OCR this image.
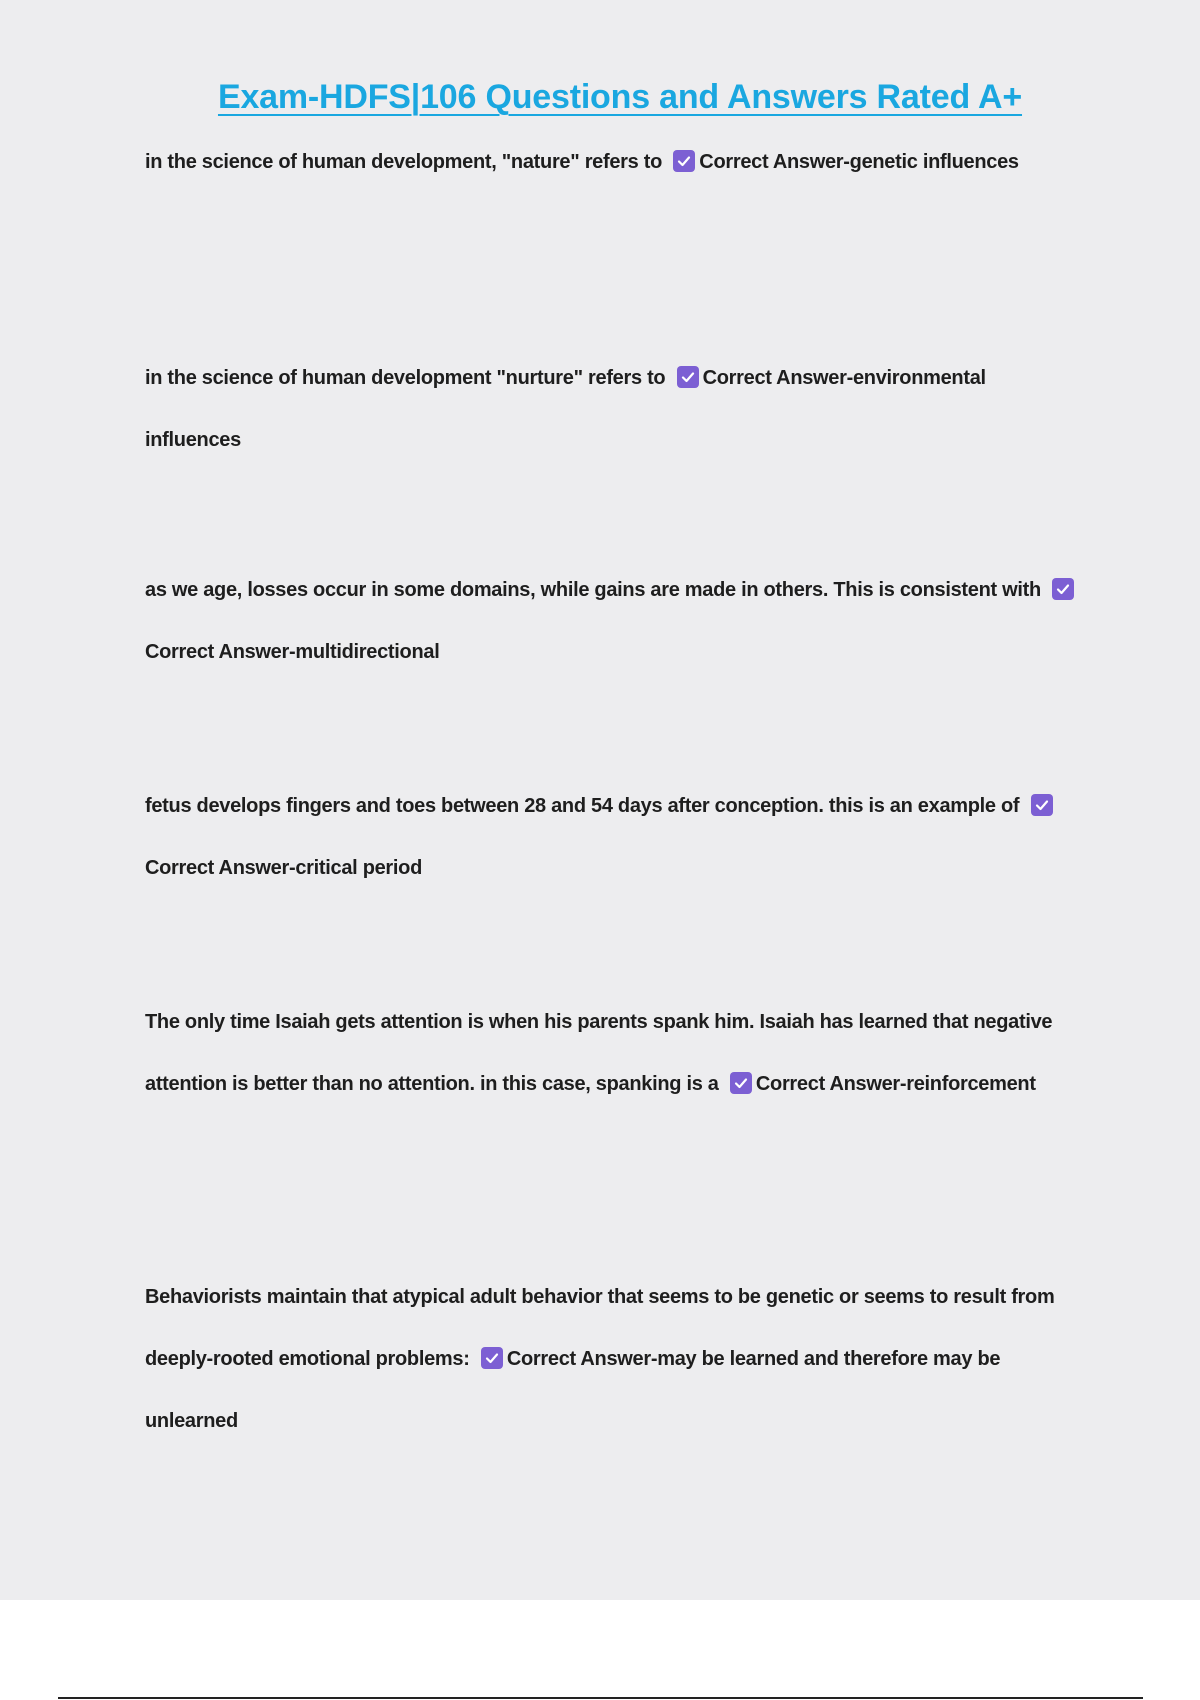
Exam-HDFS|106 Questions and Answers Rated A+
in the science of human development, "nature" refers to Correct Answer-genetic influences
in the science of human development "nurture" refers to Correct Answer-environmental influences
as we age, losses occur in some domains, while gains are made in others. This is consistent with
Correct Answer-multidirectional
fetus develops fingers and toes between 28 and 54 days after conception. this is an example of
Correct Answer-critical period
The only time Isaiah gets attention is when his parents spank him. Isaiah has learned that negative attention is better than no attention. in this case, spanking is a Correct Answer-reinforcement
Behaviorists maintain that atypical adult behavior that seems to be genetic or seems to result from deeply-rooted emotional problems: Correct Answer-may be learned and therefore may be unlearned
